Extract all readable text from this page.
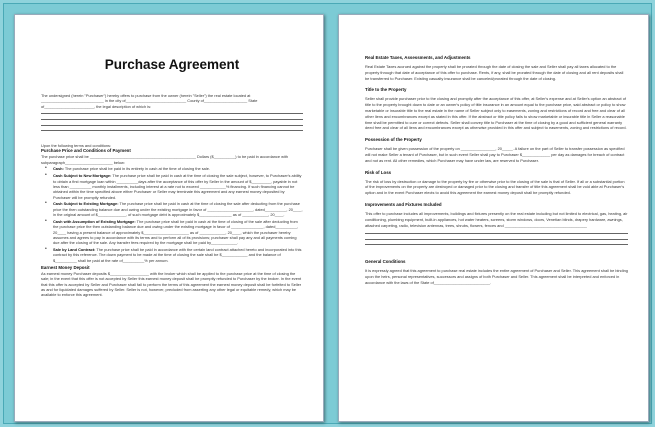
Purchase Agreement
The undersigned (herein "Purchaser") hereby offers to purchase from the owner (herein "Seller") the real estate located at _____________________________ in the city of____________________________ County of____________________ State of_______________________, the legal description of which is:
Upon the following terms and conditions:
Purchase Price and Conditions of Payment
The purchase price shall be _________________________________________________ Dollars ($__________) to be paid in accordance with subparagraph______________________ below:
• Cash: The purchase price shall be paid in its entirety in cash at the time of closing the sale.
• Cash Subject to New Mortgage: The purchase price shall be paid in cash at the time of closing the sale subject, however, to Purchaser's ability to obtain a first mortgage loan within __________days after the acceptance of this offer by Seller in the amount of $_________, payable in not less than __________ monthly installments, including interest at a rate not to exceed ____________% financing. If such financing cannot be obtained within the time specified above either Purchaser or Seller may terminate this agreement and any earnest money deposited by Purchaser will be promptly refunded.
• Cash Subject to Existing Mortgage: The purchase price shall be paid in cash at the time of closing the sale after deducting from the purchase price the then outstanding balance due and owing under the existing mortgage in favor of _____________________, dated__________, 20____, in the original amount of $_____________, of such mortgage debt is approximately $_______________ as of ____________, 20____.
• Cash with Assumption of Existing Mortgage: The purchase price shall be paid in cash at the time of closing of the sale after deducting from the purchase price the then outstanding balance due and owing under the existing mortgage in favor of _______________, dated__________, 20____ having a present balance of approximately $_____________________ as of ____________, 20____, which the purchaser hereby assumes and agrees to pay in accordance with its terms and to perform all of its provisions; purchaser shall pay any and all payments coming due after the closing of the sale. Any transfer fees required by the mortgage shall be paid by____________.
• Sale by Land Contract: The purchase price shall be paid in accordance with the certain land contract attached hereto and incorporated into this contract by this reference. The down payment to be made at the time of closing the sale shall be $____________ and the balance of $__________ shall be paid at the rate of__________% per annum.
Earnest Money Deposit
As earnest money Purchaser deposits $__________________ with the broker which shall be applied to the purchase price at the time of closing the sale; in the event that this offer is not accepted by Seller this earnest money deposit shall be promptly refunded to Purchaser by the broker. In the event that this offer is accepted by Seller and Purchaser shall fail to perform the terms of this agreement the earnest money deposit shall be forfeited to Seller as and for liquidated damages suffered by Seller. Seller is not, however, precluded from asserting any other legal or equitable remedy, which may be available to enforce this agreement.
Real Estate Taxes, Assessments, and Adjustments
Real Estate Taxes accrued against the property shall be prorated through the date of closing the sale and Seller shall pay all taxes allocated to the property through that date of acceptance of this offer to purchase. Rents, if any, shall be prorated through the date of closing and all rent deposits shall be transferred to Purchaser. Existing casualty insurance shall be canceled/prorated through the date of closing.
Title to the Property
Seller shall provide purchaser prior to the closing and promptly after the acceptance of this offer, at Seller's expense and at Seller's option an abstract of title to the property brought down to date or an owner's policy of title insurance in an amount equal to the purchase price, said abstract or policy to show marketable or insurable title to the real estate in the name of Seller subject only to easements, zoning and restrictions of record and free and clear of all other liens and encumbrances except as stated in this offer. If the abstract or title policy fails to show marketable or insurable title in Seller a reasonable time shall be permitted to cure or correct defects. Seller shall convey title to Purchaser at the time of closing by a good and sufficient general warranty deed free and clear of all liens and encumbrances except as otherwise provided in this offer and subject to easements, zoning and restrictions of record.
Possession of the Property
Purchaser shall be given possession of the property on ________________, 20_____. A failure on the part of Seller to transfer possession as specified will not make Seller a tenant of Purchaser, but in such event Seller shall pay to Purchaser $_____________ per day as damages for breach of contract and not as rent. All other remedies, which Purchaser may have under law, are reserved to Purchaser.
Risk of Loss
The risk of loss by destruction or damage to the property by fire or otherwise prior to the closing of the sale is that of Seller. If all or a substantial portion of the improvements on the property are destroyed or damaged prior to the closing and transfer of title this agreement shall be void able at Purchaser's option and in the event Purchaser elects to avoid this agreement the earnest money deposit shall be promptly refunded.
Improvements and Fixtures Included
This offer to purchase includes all improvements, buildings and fixtures presently on the real estate including but not limited to electrical, gas, heating, air conditioning, plumbing equipment, built-in appliances, hot water heaters, screens, storm windows, doors, Venetian blinds, drapery hardware, awnings, attached carpeting, radio, television antennas, trees, shrubs, flowers, fences and ______________________________________
General Conditions
It is expressly agreed that this agreement to purchase real estate includes the entire agreement of Purchaser and Seller. This agreement shall be binding upon the heirs, personal representatives, successors and assigns of both Purchaser and Seller. This agreement shall be interpreted and enforced in accordance with the laws of the State of__________________________.
